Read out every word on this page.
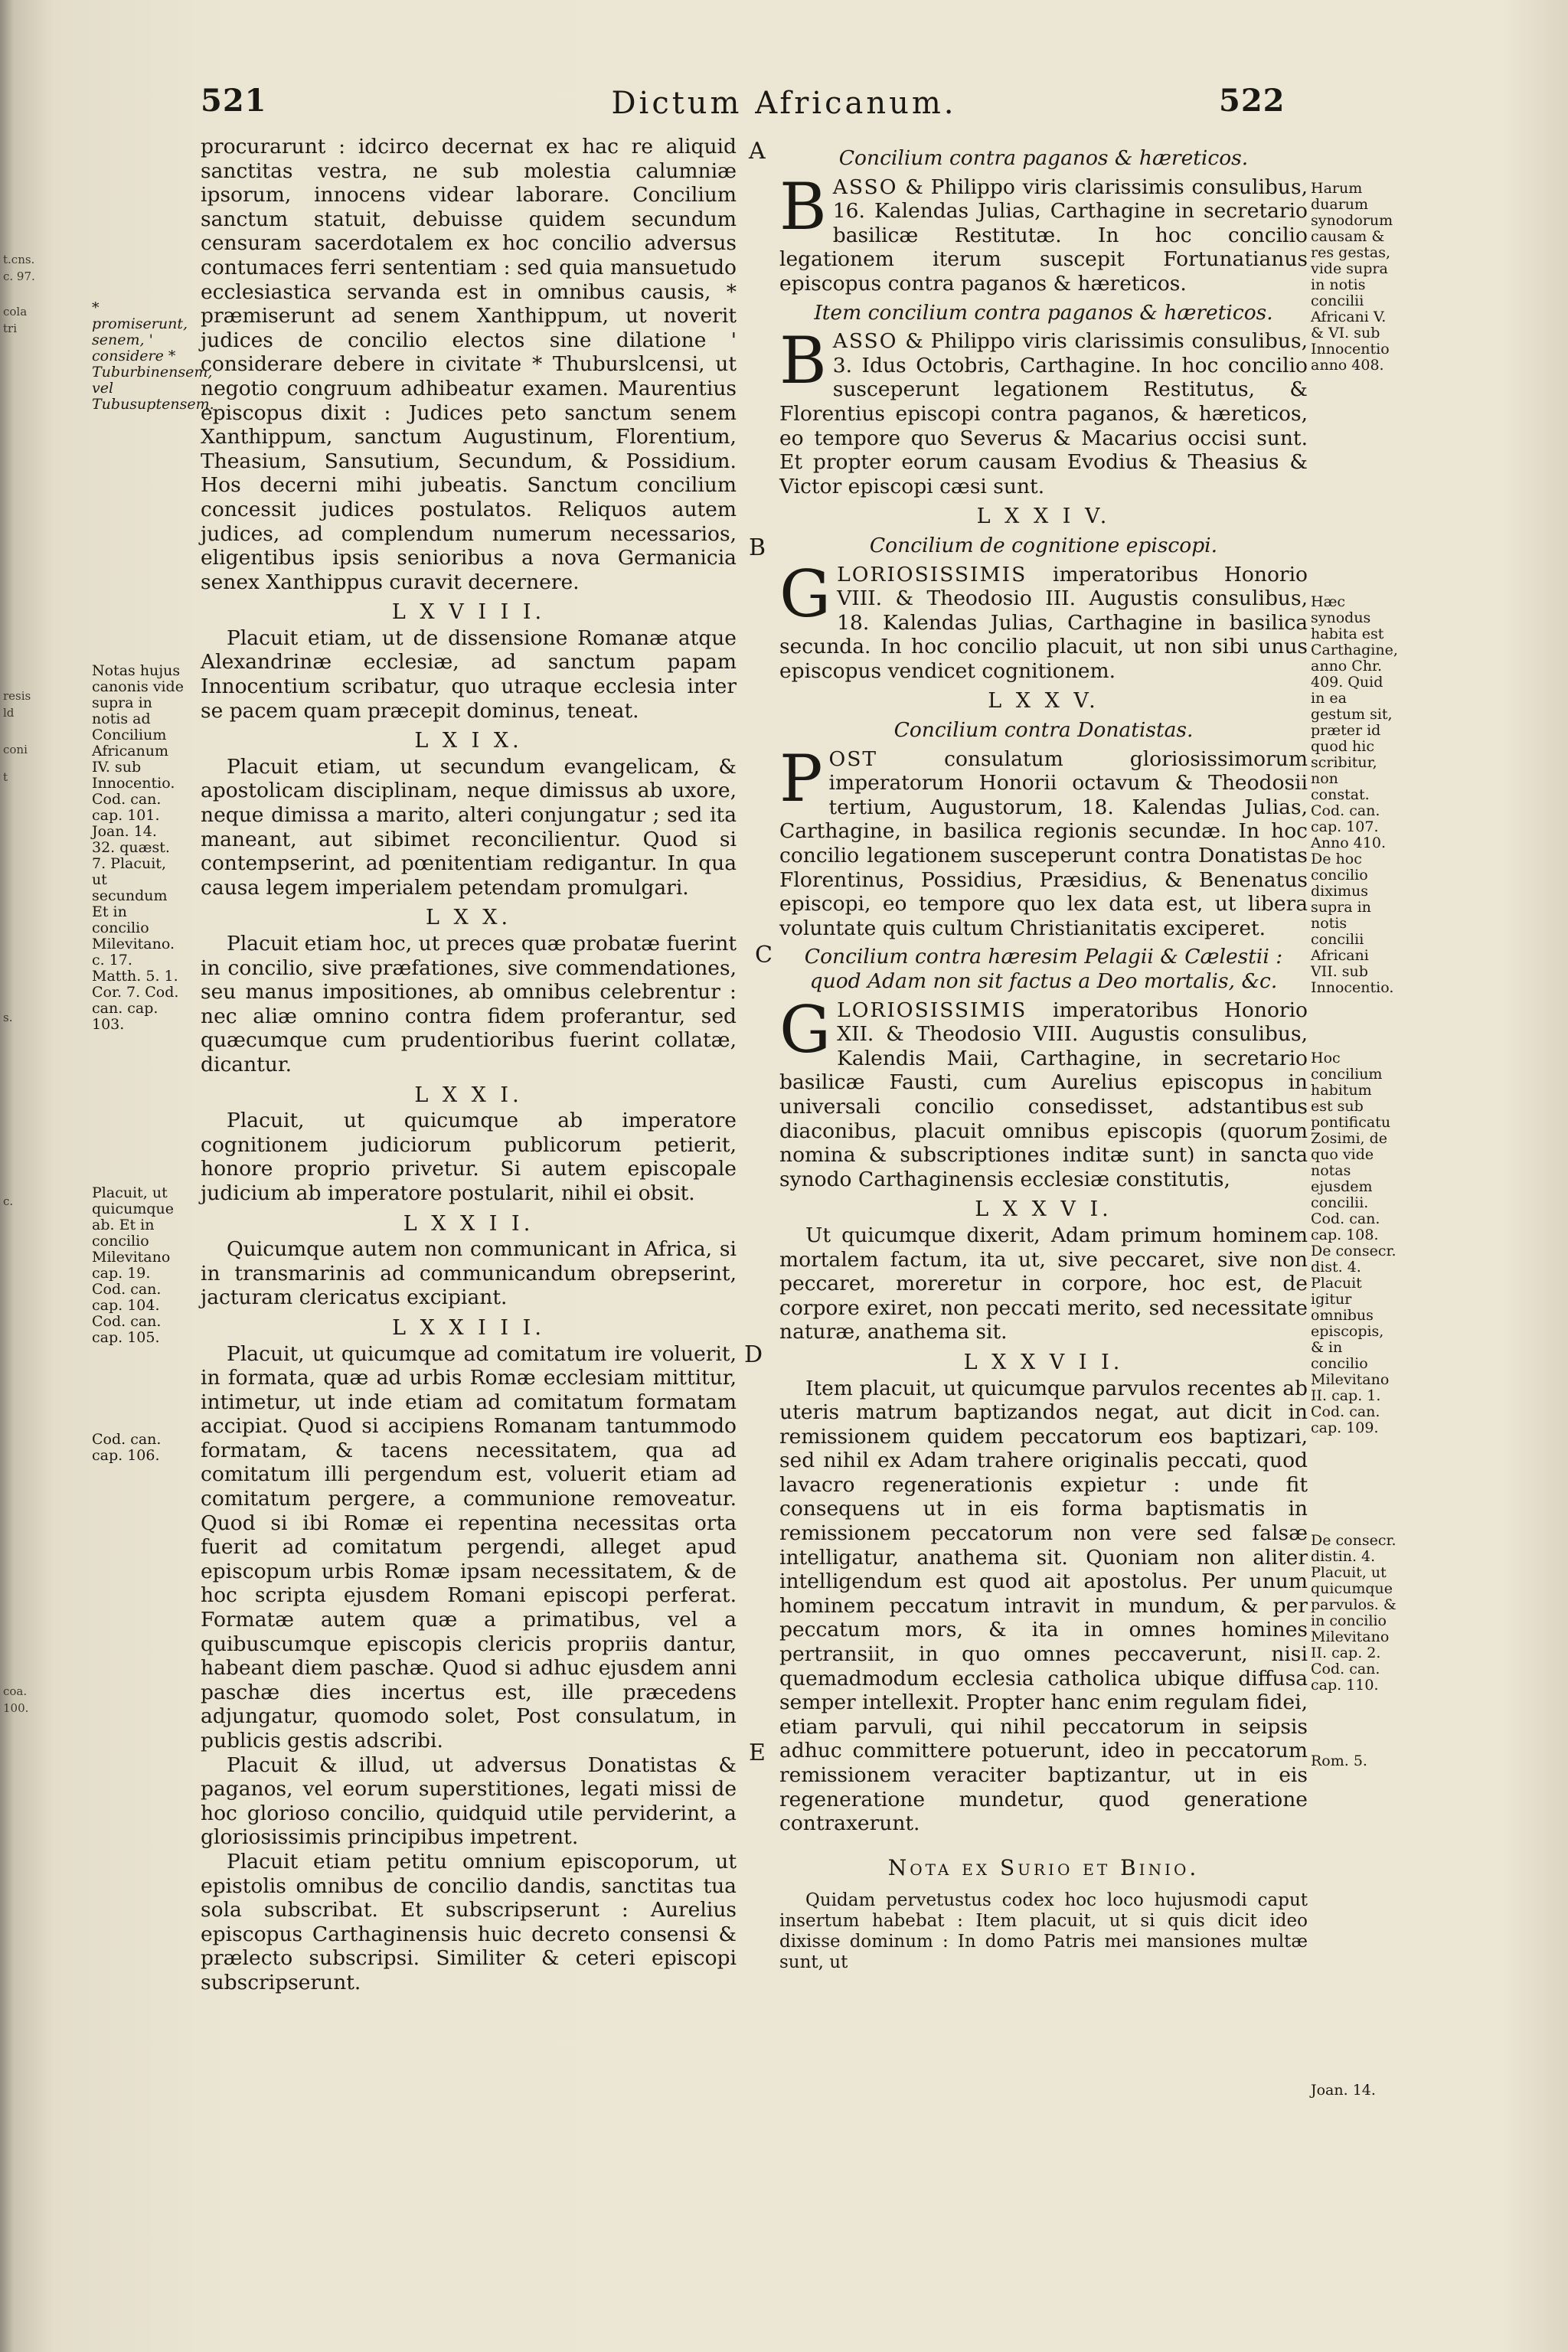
t.cns.
c. 97.
cola
tri
resis
ld
coni
t
s.
c.
coa.
100.
521	Dictum Africanum.	522
* promiserunt, senem, ' considere * Tuburbinensem, vel Tubusuptensem.
Notas hujus canonis vide supra in notis ad Concilium Africanum IV. sub Innocentio. Cod. can. cap. 101. Joan. 14. 32. quæst. 7. Placuit, ut secundum Et in concilio Milevitano. c. 17. Matth. 5. 1. Cor. 7. Cod. can. cap. 103.
Placuit, ut quicumque ab. Et in concilio Milevitano cap. 19. Cod. can. cap. 104. Cod. can. cap. 105.
Cod. can. cap. 106.

procurarunt : idcirco decernat ex hac re aliquid sanctitas vestra, ne sub molestia calumniæ ipsorum, innocens videar laborare. Concilium sanctum statuit, debuisse quidem secundum censuram sacerdotalem ex hoc concilio adversus contumaces ferri sententiam : sed quia mansuetudo ecclesiastica servanda est in omnibus causis, * præmiserunt ad senem Xanthippum, ut noverit judices de concilio electos sine dilatione ' considerare debere in civitate * Thuburslcensi, ut negotio congruum adhibeatur examen. Maurentius episcopus dixit : Judices peto sanctum senem Xanthippum, sanctum Augustinum, Florentium, Theasium, Sansutium, Secundum, & Possidium. Hos decerni mihi jubeatis. Sanctum concilium concessit judices postulatos. Reliquos autem judices, ad complendum numerum necessarios, eligentibus ipsis senioribus a nova Germanicia senex Xanthippus curavit decernere.

L X V I I I.

Placuit etiam, ut de dissensione Romanæ atque Alexandrinæ ecclesiæ, ad sanctum papam Innocentium scribatur, quo utraque ecclesia inter se pacem quam præcepit dominus, teneat.

L X I X.

Placuit etiam, ut secundum evangelicam, & apostolicam disciplinam, neque dimissus ab uxore, neque dimissa a marito, alteri conjungatur ; sed ita maneant, aut sibimet reconcilientur. Quod si contempserint, ad pœnitentiam redigantur. In qua causa legem imperialem petendam promulgari.

L X X.

Placuit etiam hoc, ut preces quæ probatæ fuerint in concilio, sive præfationes, sive commendationes, seu manus impositiones, ab omnibus celebrentur : nec aliæ omnino contra fidem proferantur, sed quæcumque cum prudentioribus fuerint collatæ, dicantur.

L X X I.

Placuit, ut quicumque ab imperatore cognitionem judiciorum publicorum petierit, honore proprio privetur. Si autem episcopale judicium ab imperatore postularit, nihil ei obsit.

L X X I I.

Quicumque autem non communicant in Africa, si in transmarinis ad communicandum obrepserint, jacturam clericatus excipiant.

L X X I I I.

Placuit, ut quicumque ad comitatum ire voluerit, in formata, quæ ad urbis Romæ ecclesiam mittitur, intimetur, ut inde etiam ad comitatum formatam accipiat. Quod si accipiens Romanam tantummodo formatam, & tacens necessitatem, qua ad comitatum illi pergendum est, voluerit etiam ad comitatum pergere, a communione removeatur. Quod si ibi Romæ ei repentina necessitas orta fuerit ad comitatum pergendi, alleget apud episcopum urbis Romæ ipsam necessitatem, & de hoc scripta ejusdem Romani episcopi perferat. Formatæ autem quæ a primatibus, vel a quibuscumque episcopis clericis propriis dantur, habeant diem paschæ. Quod si adhuc ejusdem anni paschæ dies incertus est, ille præcedens adjungatur, quomodo solet, Post consulatum, in publicis gestis adscribi.

Placuit & illud, ut adversus Donatistas & paganos, vel eorum superstitiones, legati missi de hoc glorioso concilio, quidquid utile perviderint, a gloriosissimis principibus impetrent.

Placuit etiam petitu omnium episcoporum, ut epistolis omnibus de concilio dandis, sanctitas tua sola subscribat. Et subscripserunt : Aurelius episcopus Carthaginensis huic decreto consensi & prælecto subscripsi. Similiter & ceteri episcopi subscripserunt.

A
B
C
D
E
Concilium contra paganos & hæreticos.

BASSO & Philippo viris clarissimis consulibus, 16. Kalendas Julias, Carthagine in secretario basilicæ Restitutæ. In hoc concilio legationem iterum suscepit Fortunatianus episcopus contra paganos & hæreticos.

Item concilium contra paganos & hæreticos.

BASSO & Philippo viris clarissimis consulibus, 3. Idus Octobris, Carthagine. In hoc concilio susceperunt legationem Restitutus, & Florentius episcopi contra paganos, & hæreticos, eo tempore quo Severus & Macarius occisi sunt. Et propter eorum causam Evodius & Theasius & Victor episcopi cæsi sunt.

L X X I V.
Concilium de cognitione episcopi.

GLORIOSISSIMIS imperatoribus Honorio VIII. & Theodosio III. Augustis consulibus, 18. Kalendas Julias, Carthagine in basilica secunda. In hoc concilio placuit, ut non sibi unus episcopus vendicet cognitionem.

L X X V.
Concilium contra Donatistas.

POST consulatum gloriosissimorum imperatorum Honorii octavum & Theodosii tertium, Augustorum, 18. Kalendas Julias, Carthagine, in basilica regionis secundæ. In hoc concilio legationem susceperunt contra Donatistas Florentinus, Possidius, Præsidius, & Benenatus episcopi, eo tempore quo lex data est, ut libera voluntate quis cultum Christianitatis exciperet.

Concilium contra hæresim Pelagii & Cælestii : quod Adam non sit factus a Deo mortalis, &c.

GLORIOSISSIMIS imperatoribus Honorio XII. & Theodosio VIII. Augustis consulibus, Kalendis Maii, Carthagine, in secretario basilicæ Fausti, cum Aurelius episcopus in universali concilio consedisset, adstantibus diaconibus, placuit omnibus episcopis (quorum nomina & subscriptiones inditæ sunt) in sancta synodo Carthaginensis ecclesiæ constitutis,

L X X V I.

Ut quicumque dixerit, Adam primum hominem mortalem factum, ita ut, sive peccaret, sive non peccaret, moreretur in corpore, hoc est, de corpore exiret, non peccati merito, sed necessitate naturæ, anathema sit.

L X X V I I.

Item placuit, ut quicumque parvulos recentes ab uteris matrum baptizandos negat, aut dicit in remissionem quidem peccatorum eos baptizari, sed nihil ex Adam trahere originalis peccati, quod lavacro regenerationis expietur : unde fit consequens ut in eis forma baptismatis in remissionem peccatorum non vere sed falsæ intelligatur, anathema sit. Quoniam non aliter intelligendum est quod ait apostolus. Per unum hominem peccatum intravit in mundum, & per peccatum mors, & ita in omnes homines pertransiit, in quo omnes peccaverunt, nisi quemadmodum ecclesia catholica ubique diffusa semper intellexit. Propter hanc enim regulam fidei, etiam parvuli, qui nihil peccatorum in seipsis adhuc committere potuerunt, ideo in peccatorum remissionem veraciter baptizantur, ut in eis regeneratione mundetur, quod generatione contraxerunt.

Nota ex Surio et Binio.

Quidam pervetustus codex hoc loco hujusmodi caput insertum habebat : Item placuit, ut si quis dicit ideo dixisse dominum : In domo Patris mei mansiones multæ sunt, ut

Harum duarum synodorum causam & res gestas, vide supra in notis concilii Africani V. & VI. sub Innocentio anno 408.
Hæc synodus habita est Carthagine, anno Chr. 409. Quid in ea gestum sit, præter id quod hic scribitur, non constat. Cod. can. cap. 107. Anno 410. De hoc concilio diximus supra in notis concilii Africani VII. sub Innocentio.
Hoc concilium habitum est sub pontificatu Zosimi, de quo vide notas ejusdem concilii. Cod. can. cap. 108. De consecr. dist. 4. Placuit igitur omnibus episcopis, & in concilio Milevitano II. cap. 1. Cod. can. cap. 109.
De consecr. distin. 4. Placuit, ut quicumque parvulos. & in concilio Milevitano II. cap. 2. Cod. can. cap. 110.
Rom. 5.
Joan. 14.
